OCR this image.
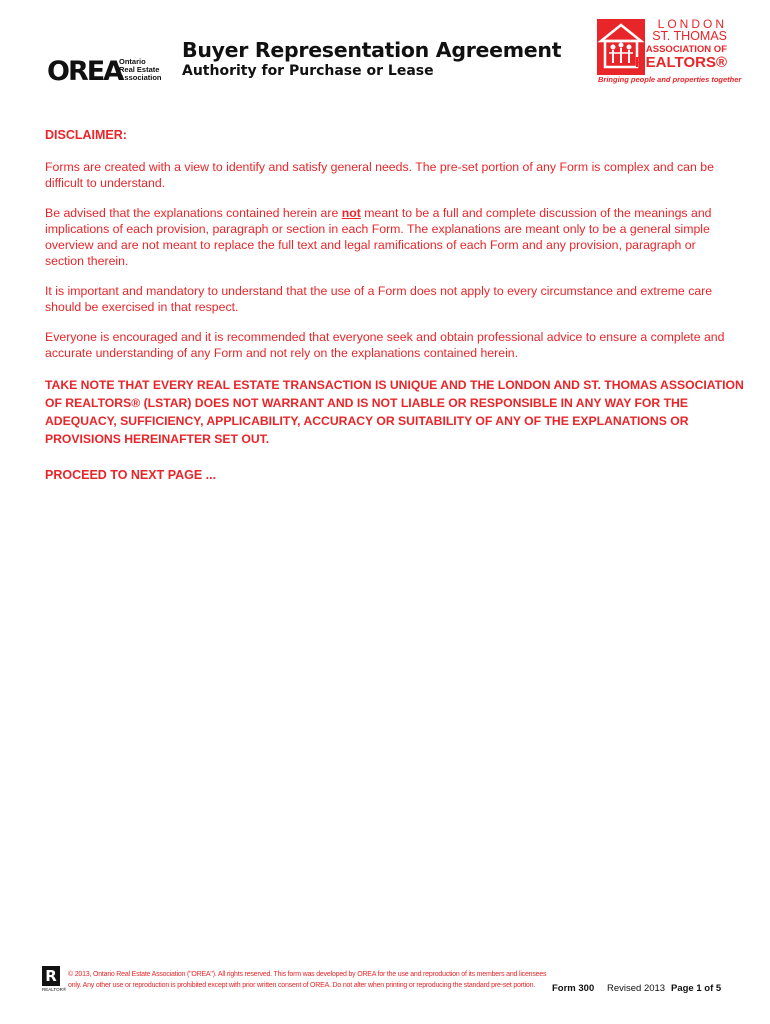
OREA
Ontario
Real Estate
Association
Buyer Representation Agreement
Authority for Purchase or Lease
LONDON
ST. THOMAS
ASSOCIATION OF
REALTORS®
Bringing people and properties together
DISCLAIMER:

Forms are created with a view to identify and satisfy general needs. The pre-set portion of any Form is complex and can be difficult to understand.

Be advised that the explanations contained herein are not meant to be a full and complete discussion of the meanings and implications of each provision, paragraph or section in each Form. The explanations are meant only to be a general simple overview and are not meant to replace the full text and legal ramifications of each Form and any provision, paragraph or section therein.

It is important and mandatory to understand that the use of a Form does not apply to every circumstance and extreme care should be exercised in that respect.

Everyone is encouraged and it is recommended that everyone seek and obtain professional advice to ensure a complete and accurate understanding of any Form and not rely on the explanations contained herein.

TAKE NOTE THAT EVERY REAL ESTATE TRANSACTION IS UNIQUE AND THE LONDON AND ST. THOMAS ASSOCIATION OF REALTORS® (LSTAR) DOES NOT WARRANT AND IS NOT LIABLE OR RESPONSIBLE IN ANY WAY FOR THE ADEQUACY, SUFFICIENCY, APPLICABILITY, ACCURACY OR SUITABILITY OF ANY OF THE EXPLANATIONS OR PROVISIONS HEREINAFTER SET OUT.

PROCEED TO NEXT PAGE ...
R
REALTOR®

© 2013, Ontario Real Estate Association ("OREA"). All rights reserved. This form was developed by OREA for the use and reproduction of its members and licensees only. Any other use or reproduction is prohibited except with prior written consent of OREA. Do not alter when printing or reproducing the standard pre-set portion.	Form 300 Revised 2013 Page 1 of 5
